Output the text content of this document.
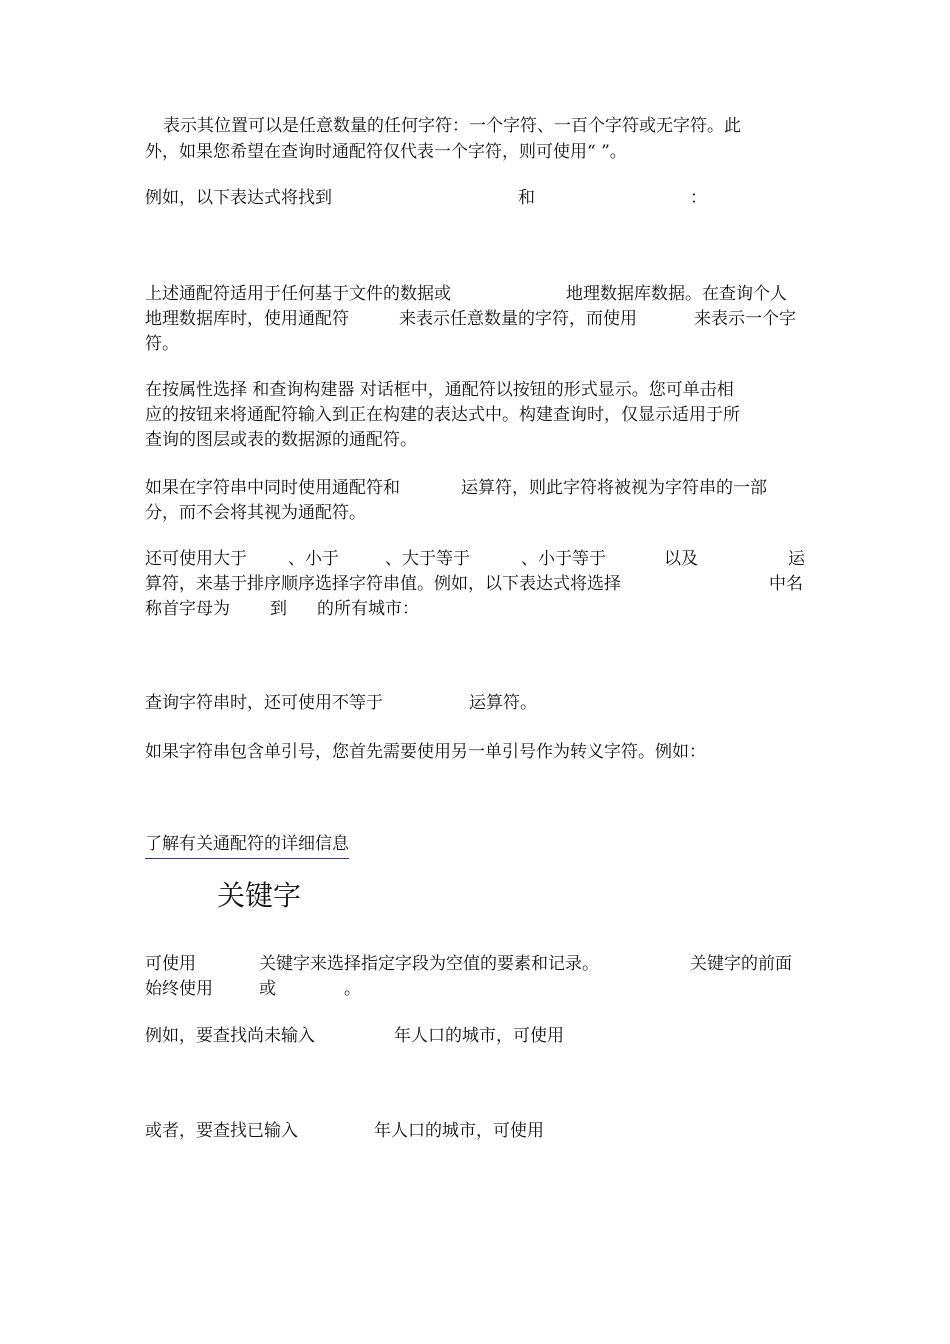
表示其位置可以是任意数量的任何字符：一个字符、一百个字符或无字符。此

外，如果您希望在查询时通配符仅代表一个字符，则可使用“ ”。

例如，以下表达式将找到	和	：

上述通配符适用于任何基于文件的数据或	地理数据库数据。在查询个人

地理数据库时，使用通配符	来表示任意数量的字符，而使用	来表示一个字

符。

在按属性选择 和查询构建器 对话框中，通配符以按钮的形式显示。您可单击相

应的按钮来将通配符输入到正在构建的表达式中。构建查询时，仅显示适用于所

查询的图层或表的数据源的通配符。

如果在字符串中同时使用通配符和	运算符，则此字符将被视为字符串的一部

分，而不会将其视为通配符。

还可使用大于 、小于	、大于等于	、小于等于	以及	运

算符，来基于排序顺序选择字符串值。例如，以下表达式将选择	中名

称首字母为 到 的所有城市：

查询字符串时，还可使用不等于	运算符。

如果字符串包含单引号，您首先需要使用另一单引号作为转义字符。例如：

了解有关通配符的详细信息
关键字

可使用	关键字来选择指定字段为空值的要素和记录。	关键字的前面

始终使用	或	。

例如，要查找尚未输入	年人口的城市，可使用

或者，要查找已输入	年人口的城市，可使用
